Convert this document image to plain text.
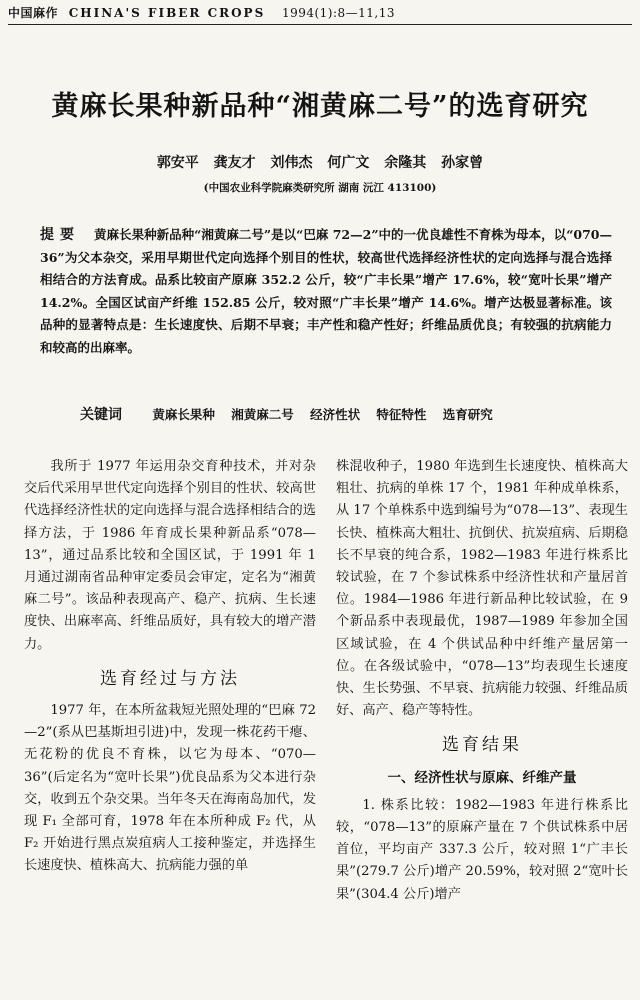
中国麻作 CHINA'S FIBER CROPS 1994(1):8—11,13
黄麻长果种新品种“湘黄麻二号”的选育研究
郭安平 龚友才 刘伟杰 何广文 余隆其 孙家曾
(中国农业科学院麻类研究所 湖南 沅江 413100)
提要 黄麻长果种新品种“湘黄麻二号”是以“巴麻 72—2”中的一优良雄性不育株为母本，以“070—36”为父本杂交，采用早期世代定向选择个别目的性状，较高世代选择经济性状的定向选择与混合选择相结合的方法育成。品系比较亩产原麻 352.2 公斤，较“广丰长果”增产 17.6%，较“宽叶长果”增产 14.2%。全国区试亩产纤维 152.85 公斤，较对照“广丰长果”增产 14.6%。增产达极显著标准。该品种的显著特点是：生长速度快、后期不早衰；丰产性和稳产性好；纤维品质优良；有较强的抗病能力和较高的出麻率。
关键词 黄麻长果种 湘黄麻二号 经济性状 特征特性 选育研究

我所于 1977 年运用杂交育种技术，并对杂交后代采用早世代定向选择个别目的性状、较高世代选择经济性状的定向选择与混合选择相结合的选择方法，于 1986 年育成长果种新品系“078—13”，通过品系比较和全国区试，于 1991 年 1 月通过湖南省品种审定委员会审定，定名为“湘黄麻二号”。该品种表现高产、稳产、抗病、生长速度快、出麻率高、纤维品质好，具有较大的增产潜力。

选育经过与方法

1977 年，在本所盆栽短光照处理的“巴麻 72—2”(系从巴基斯坦引进)中，发现一株花药干瘪、无花粉的优良不育株，以它为母本、“070—36”(后定名为“宽叶长果”)优良品系为父本进行杂交，收到五个杂交果。当年冬天在海南岛加代，发现 F₁ 全部可育，1978 年在本所种成 F₂ 代，从 F₂ 开始进行黑点炭疽病人工接种鉴定，并选择生长速度快、植株高大、抗病能力强的单

株混收种子，1980 年选到生长速度快、植株高大粗壮、抗病的单株 17 个，1981 年种成单株系，从 17 个单株系中选到编号为“078—13”、表现生长快、植株高大粗壮、抗倒伏、抗炭疽病、后期稳长不早衰的纯合系，1982—1983 年进行株系比较试验，在 7 个参试株系中经济性状和产量居首位。1984—1986 年进行新品种比较试验，在 9 个新品系中表现最优，1987—1989 年参加全国区域试验，在 4 个供试品种中纤维产量居第一位。在各级试验中，“078—13”均表现生长速度快、生长势强、不早衰、抗病能力较强、纤维品质好、高产、稳产等特性。

选育结果
一、经济性状与原麻、纤维产量

1. 株系比较：1982—1983 年进行株系比较，“078—13”的原麻产量在 7 个供试株系中居首位，平均亩产 337.3 公斤，较对照 1“广丰长果”(279.7 公斤)增产 20.59%，较对照 2“宽叶长果”(304.4 公斤)增产
